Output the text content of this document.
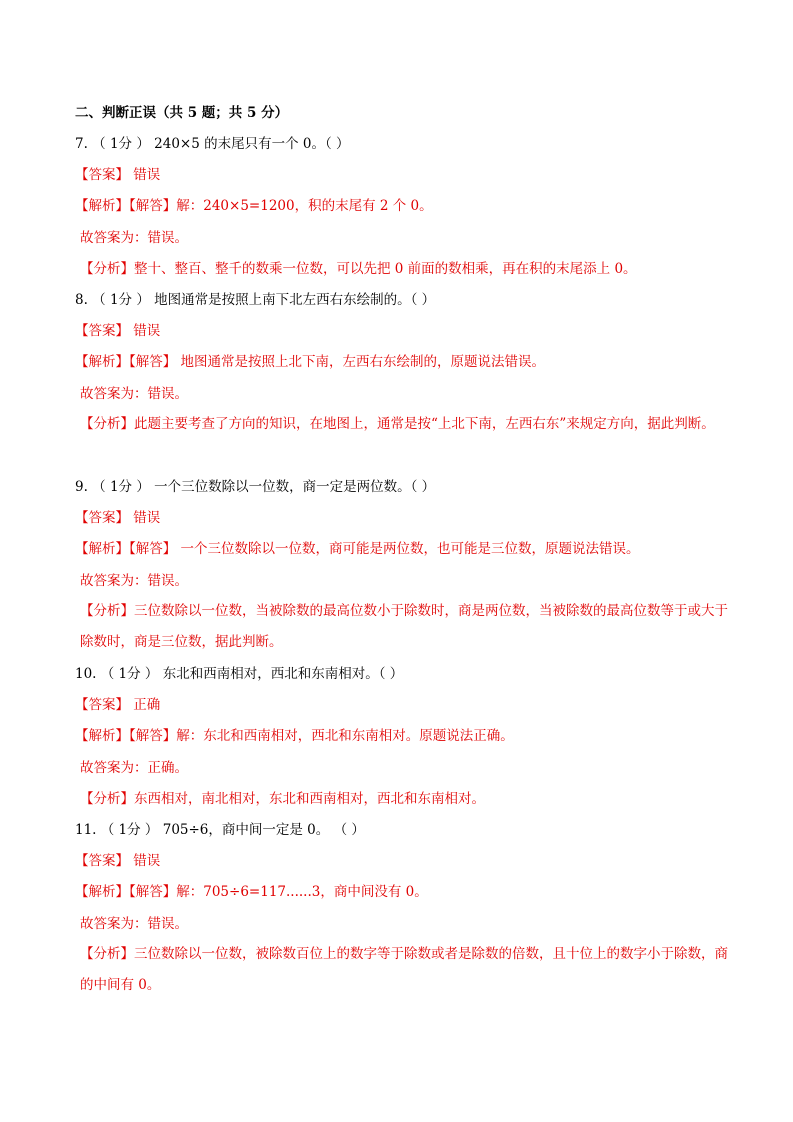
二、判断正误（共 5 题；共 5 分）
7. （ 1分 ） 240×5 的末尾只有一个 0。（ ）
【答案】 错误
【解析】【解答】解：240×5=1200，积的末尾有 2 个 0。
故答案为：错误。
【分析】整十、整百、整千的数乘一位数，可以先把 0 前面的数相乘，再在积的末尾添上 0。
8. （ 1分 ） 地图通常是按照上南下北左西右东绘制的。（ ）
【答案】 错误
【解析】【解答】 地图通常是按照上北下南，左西右东绘制的，原题说法错误。
故答案为：错误。
【分析】此题主要考查了方向的知识，在地图上，通常是按“上北下南，左西右东”来规定方向，据此判断。
9. （ 1分 ） 一个三位数除以一位数，商一定是两位数。（ ）
【答案】 错误
【解析】【解答】 一个三位数除以一位数，商可能是两位数，也可能是三位数，原题说法错误。
故答案为：错误。
【分析】三位数除以一位数，当被除数的最高位数小于除数时，商是两位数，当被除数的最高位数等于或大于除数时，商是三位数，据此判断。
10. （ 1分 ） 东北和西南相对，西北和东南相对。（ ）
【答案】 正确
【解析】【解答】解：东北和西南相对，西北和东南相对。原题说法正确。
故答案为：正确。
【分析】东西相对，南北相对，东北和西南相对，西北和东南相对。
11. （ 1分 ） 705÷6，商中间一定是 0。 （ ）
【答案】 错误
【解析】【解答】解：705÷6=117......3，商中间没有 0。
故答案为：错误。
【分析】三位数除以一位数，被除数百位上的数字等于除数或者是除数的倍数，且十位上的数字小于除数，商的中间有 0。
